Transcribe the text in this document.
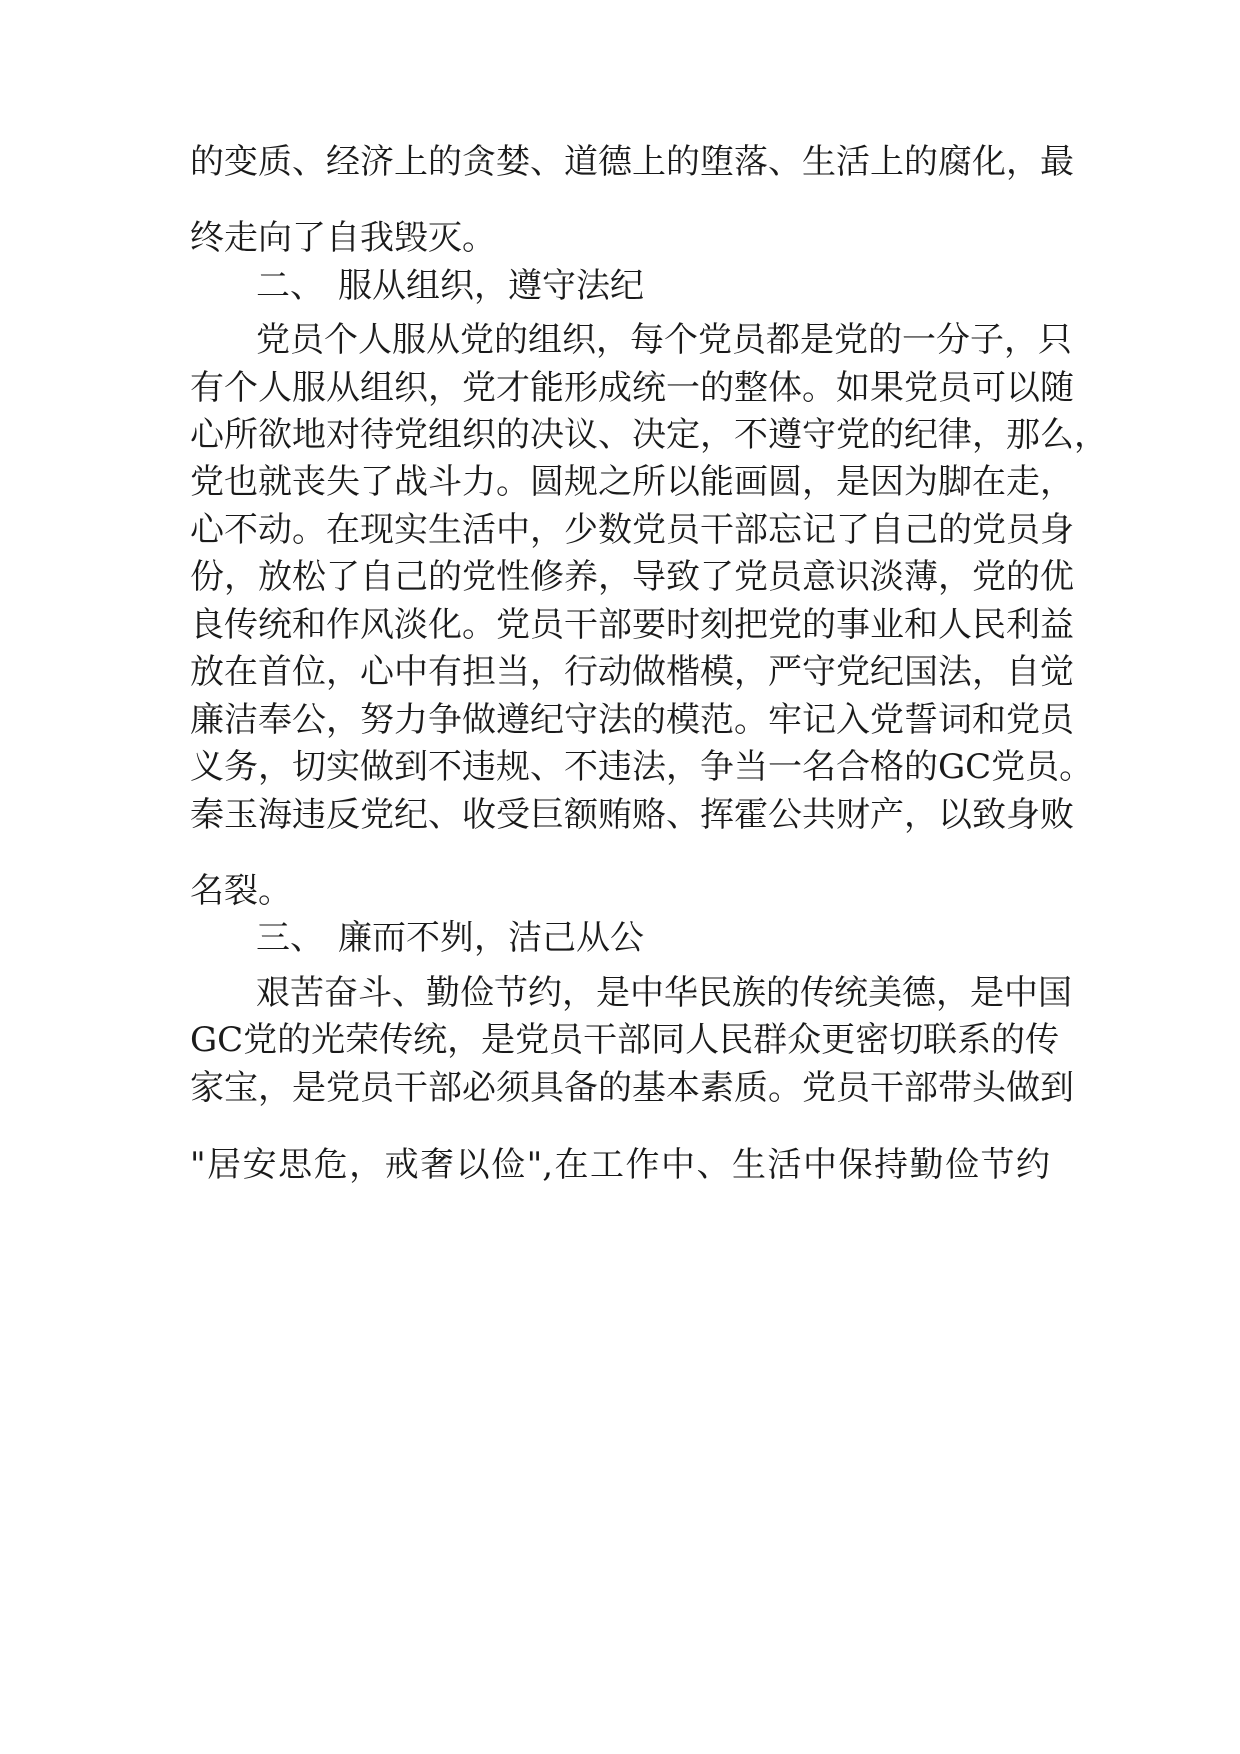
的变质、经济上的贪婪、道德上的堕落、生活上的腐化，最

终走向了自我毁灭。

二、 服从组织，遵守法纪

党员个人服从党的组织，每个党员都是党的一分子，只

有个人服从组织，党才能形成统一的整体。如果党员可以随

心所欲地对待党组织的决议、决定，不遵守党的纪律，那么，

党也就丧失了战斗力。圆规之所以能画圆，是因为脚在走，

心不动。在现实生活中，少数党员干部忘记了自己的党员身

份，放松了自己的党性修养，导致了党员意识淡薄，党的优

良传统和作风淡化。党员干部要时刻把党的事业和人民利益

放在首位，心中有担当，行动做楷模，严守党纪国法，自觉

廉洁奉公，努力争做遵纪守法的模范。牢记入党誓词和党员

义务，切实做到不违规、不违法，争当一名合格的GC党员。

秦玉海违反党纪、收受巨额贿赂、挥霍公共财产，以致身败

名裂。

三、 廉而不刿，洁己从公

艰苦奋斗、勤俭节约，是中华民族的传统美德，是中国

GC党的光荣传统，是党员干部同人民群众更密切联系的传

家宝，是党员干部必须具备的基本素质。党员干部带头做到

"居安思危，戒奢以俭",在工作中、生活中保持勤俭节约
